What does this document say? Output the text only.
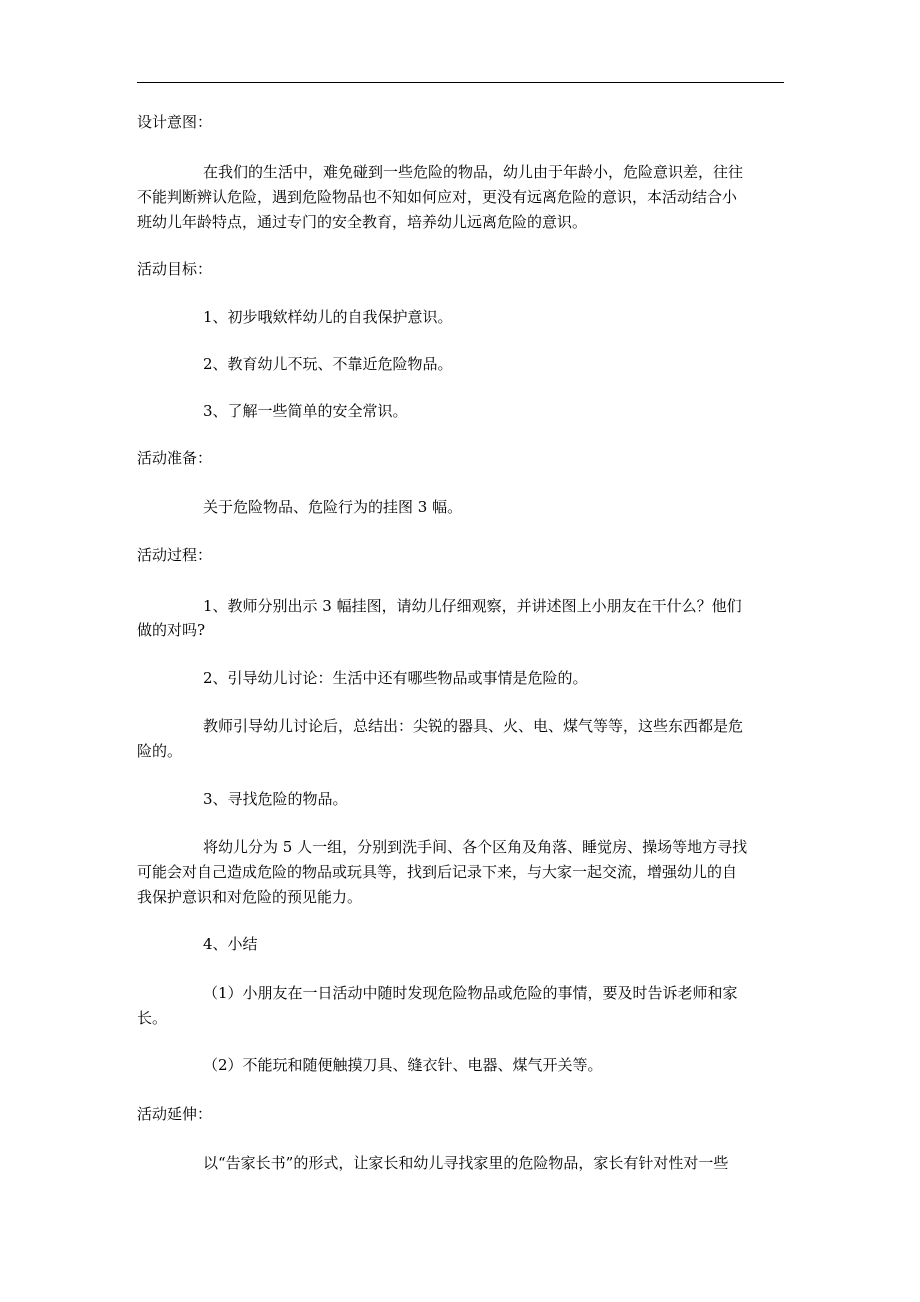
设计意图：
在我们的生活中，难免碰到一些危险的物品，幼儿由于年龄小，危险意识差，往往
不能判断辨认危险，遇到危险物品也不知如何应对，更没有远离危险的意识，本活动结合小
班幼儿年龄特点，通过专门的安全教育，培养幼儿远离危险的意识。
活动目标：
1、初步哦欸样幼儿的自我保护意识。
2、教育幼儿不玩、不靠近危险物品。
3、了解一些简单的安全常识。
活动准备：
关于危险物品、危险行为的挂图 3 幅。
活动过程：
1、教师分别出示 3 幅挂图，请幼儿仔细观察，并讲述图上小朋友在干什么？他们
做的对吗?
2、引导幼儿讨论：生活中还有哪些物品或事情是危险的。
教师引导幼儿讨论后，总结出：尖锐的器具、火、电、煤气等等，这些东西都是危
险的。
3、寻找危险的物品。
将幼儿分为 5 人一组，分别到洗手间、各个区角及角落、睡觉房、操场等地方寻找
可能会对自己造成危险的物品或玩具等，找到后记录下来，与大家一起交流，增强幼儿的自
我保护意识和对危险的预见能力。
4、小结
（1）小朋友在一日活动中随时发现危险物品或危险的事情，要及时告诉老师和家
长。
（2）不能玩和随便触摸刀具、缝衣针、电器、煤气开关等。
活动延伸：
以“告家长书”的形式，让家长和幼儿寻找家里的危险物品，家长有针对性对一些
